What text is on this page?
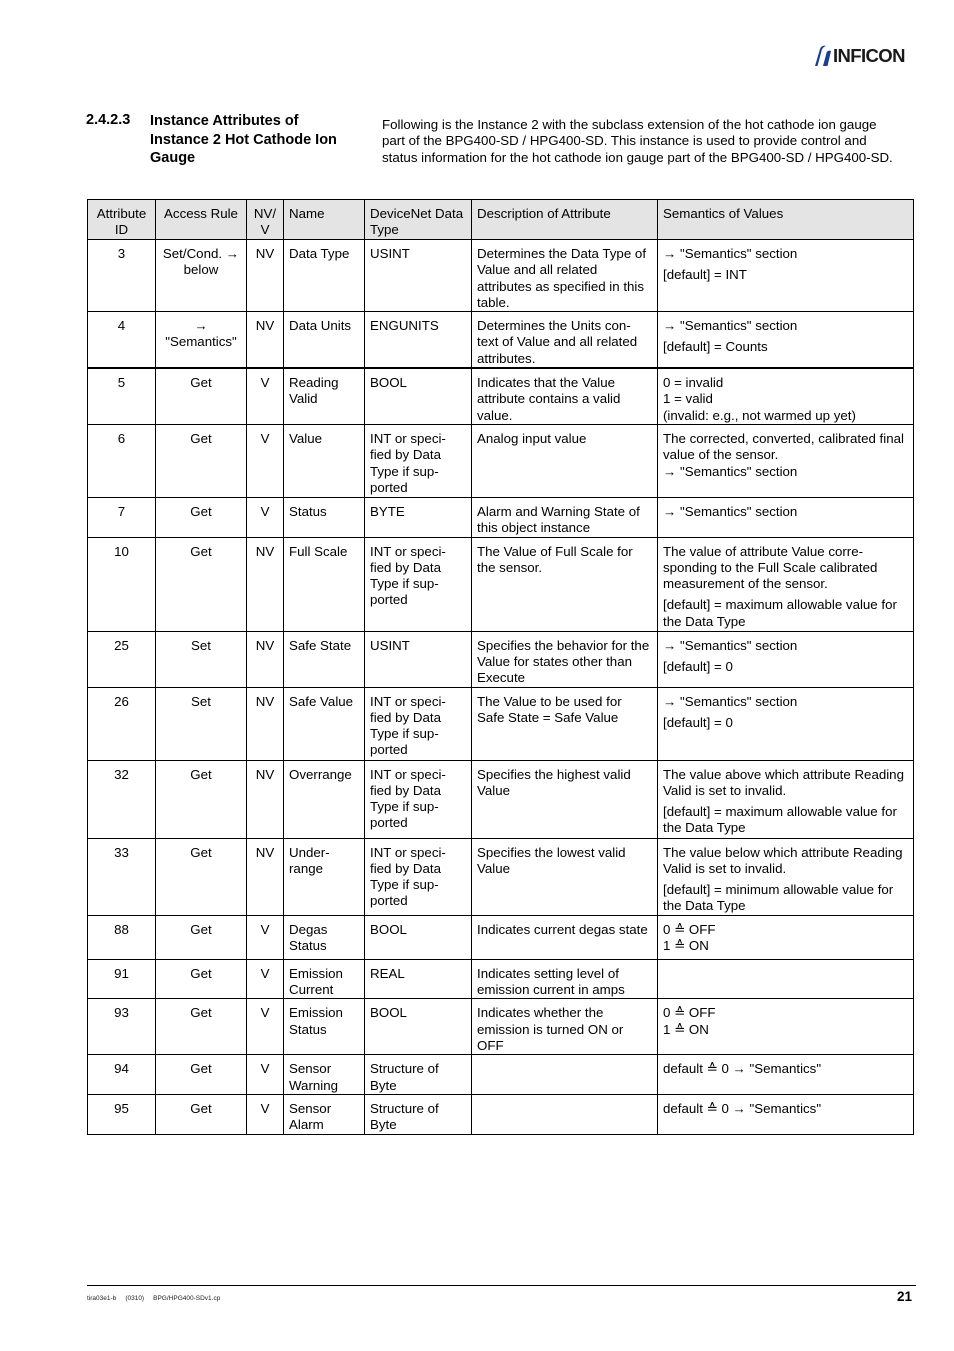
INFICON
2.4.2.3 Instance Attributes of Instance 2 Hot Cathode Ion Gauge
Following is the Instance 2 with the subclass extension of the hot cathode ion gauge part of the BPG400-SD / HPG400-SD. This instance is used to provide control and status information for the hot cathode ion gauge part of the BPG400-SD / HPG400-SD.
Attribute ID	Access Rule	NV/ V	Name	DeviceNet Data Type	Description of Attribute	Semantics of Values
3	Set/Cond. → below	NV	Data Type	USINT	Determines the Data Type of Value and all related attributes as specified in this table.	→ "Semantics" section
[default] = INT

4	→ "Semantics"	NV	Data Units	ENGUNITS	Determines the Units con-text of Value and all related attributes.	→ "Semantics" section
[default] = Counts

5	Get	V	Reading Valid	BOOL	Indicates that the Value attribute contains a valid value.	0 = invalid
1 = valid
(invalid: e.g., not warmed up yet)

6	Get	V	Value	INT or speci-fied by Data Type if sup-ported	Analog input value	The corrected, converted, calibrated final value of the sensor.
→ "Semantics" section

7	Get	V	Status	BYTE	Alarm and Warning State of this object instance	→ "Semantics" section

10	Get	NV	Full Scale	INT or speci-fied by Data Type if sup-ported	The Value of Full Scale for the sensor.	The value of attribute Value corre-sponding to the Full Scale calibrated measurement of the sensor.
[default] = maximum allowable value for the Data Type

25	Set	NV	Safe State	USINT	Specifies the behavior for the Value for states other than Execute	→ "Semantics" section
[default] = 0

26	Set	NV	Safe Value	INT or speci-fied by Data Type if sup-ported	The Value to be used for Safe State = Safe Value	→ "Semantics" section
[default] = 0

32	Get	NV	Overrange	INT or speci-fied by Data Type if sup-ported	Specifies the highest valid Value	The value above which attribute Reading Valid is set to invalid.
[default] = maximum allowable value for the Data Type

33	Get	NV	Under-range	INT or speci-fied by Data Type if sup-ported	Specifies the lowest valid Value	The value below which attribute Reading Valid is set to invalid.
[default] = minimum allowable value for the Data Type

88	Get	V	Degas Status	BOOL	Indicates current degas state	0 ≙ OFF
1 ≙ ON

91	Get	V	Emission Current	REAL	Indicates setting level of emission current in amps	
93	Get	V	Emission Status	BOOL	Indicates whether the emission is turned ON or OFF	0 ≙ OFF
1 ≙ ON

94	Get	V	Sensor Warning	Structure of Byte		default ≙ 0 → "Semantics"

95	Get	V	Sensor Alarm	Structure of Byte		default ≙ 0 → "Semantics"
tira03e1-b (0310) BPG/HPG400-SDv1.cp	21
